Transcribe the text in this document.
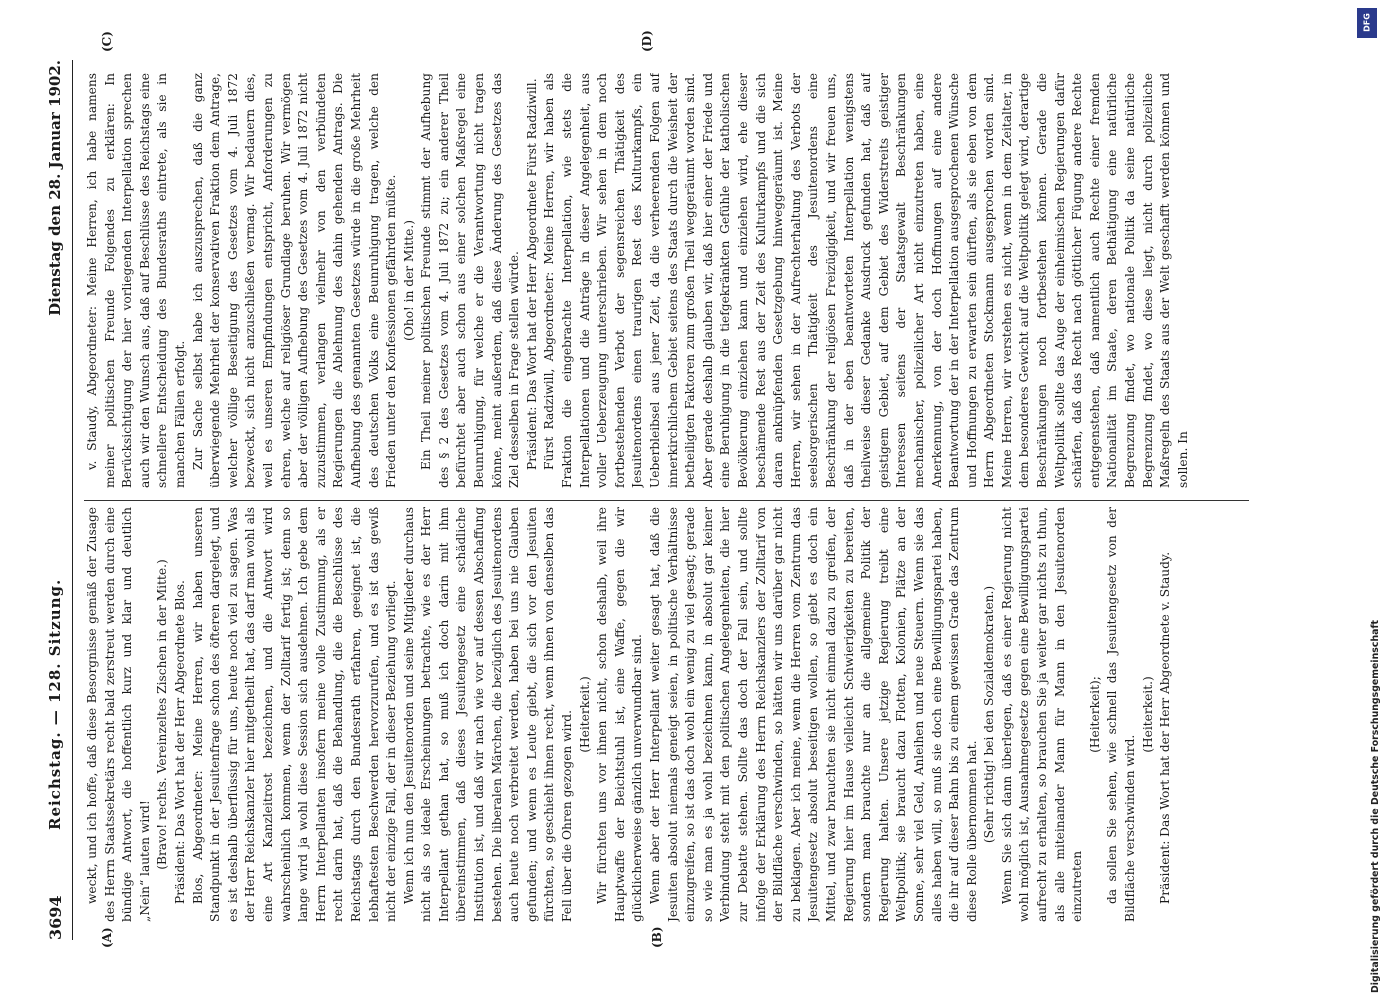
3694
Reichstag. — 128. Sitzung.
Dienstag den 28. Januar 1902.
(A)	(B)
(C)	(D)

weckt, und ich hoffe, daß diese Besorgnisse gemäß der Zusage des Herrn Staatssekretärs recht bald zerstreut werden durch eine bündige Antwort, die hoffentlich kurz und klar und deutlich „Nein“ lauten wird! (Bravo! rechts. Vereinzeltes Zischen in der Mitte.) Präsident: Das Wort hat der Herr Abgeordnete Blos. Blos, Abgeordneter: Meine Herren, wir haben unseren Standpunkt in der Jesuitenfrage schon des öfteren dargelegt, und es ist deshalb überflüssig für uns, heute noch viel zu sagen. Was der Herr Reichskanzler hier mitgetheilt hat, das darf man wohl als eine Art Kanzleitrost bezeichnen, und die Antwort wird wahrscheinlich kommen, wenn der Zolltarif fertig ist; denn so lange wird ja wohl diese Session sich ausdehnen. Ich gebe dem Herrn Interpellanten insofern meine volle Zustimmung, als er recht darin hat, daß die Behandlung, die die Beschlüsse des Reichstags durch den Bundesrath erfahren, geeignet ist, die lebhaftesten Beschwerden hervorzurufen, und es ist das gewiß nicht der einzige Fall, der in dieser Beziehung vorliegt. Wenn ich nun den Jesuitenorden und seine Mitglieder durchaus nicht als so ideale Erscheinungen betrachte, wie es der Herr Interpellant gethan hat, so muß ich doch darin mit ihm übereinstimmen, daß dieses Jesuitengesetz eine schädliche Institution ist, und daß wir nach wie vor auf dessen Abschaffung bestehen. Die liberalen Märchen, die bezüglich des Jesuitenordens auch heute noch verbreitet werden, haben bei uns nie Glauben gefunden; und wenn es Leute giebt, die sich vor den Jesuiten fürchten, so geschieht ihnen recht, wenn ihnen von denselben das Fell über die Ohren gezogen wird. (Heiterkeit.) Wir fürchten uns vor ihnen nicht, schon deshalb, weil ihre Hauptwaffe der Beichtstuhl ist, eine Waffe, gegen die wir glücklicherweise gänzlich unverwundbar sind. Wenn aber der Herr Interpellant weiter gesagt hat, daß die Jesuiten absolut niemals geneigt seien, in politische Verhältnisse einzugreifen, so ist das doch wohl ein wenig zu viel gesagt; gerade so wie man es ja wohl bezeichnen kann, in absolut gar keiner Verbindung steht mit den politischen Angelegenheiten, die hier zur Debatte stehen. Sollte das doch der Fall sein, und sollte infolge der Erklärung des Herrn Reichskanzlers der Zolltarif von der Bildfläche verschwinden, so hätten wir uns darüber gar nicht zu beklagen. Aber ich meine, wenn die Herren vom Zentrum das Jesuitengesetz absolut beseitigen wollen, so giebt es doch ein Mittel, und zwar brauchten sie nicht einmal dazu zu greifen, der Regierung hier im Hause vielleicht Schwierigkeiten zu bereiten, sondern man brauchte nur an die allgemeine Politik der Regierung halten. Unsere jetzige Regierung treibt eine Weltpolitik; sie braucht dazu Flotten, Kolonien, Plätze an der Sonne, sehr viel Geld, Anleihen und neue Steuern. Wenn sie das alles haben will, so muß sie doch eine Bewilligungspartei haben, die ihr auf dieser Bahn bis zu einem gewissen Grade das Zentrum diese Rolle übernommen hat. (Sehr richtig! bei den Sozialdemokraten.) Wenn Sie sich dann überlegen, daß es einer Regierung nicht wohl möglich ist, Ausnahmegesetze gegen eine Bewilligungspartei aufrecht zu erhalten, so brauchen Sie ja weiter gar nichts zu thun, als alle miteinander Mann für Mann in den Jesuitenorden einzutreten

(Heiterkeit); da sollen Sie sehen, wie schnell das Jesuitengesetz von der Bildfläche verschwinden wird.

(Heiterkeit.) Präsident: Das Wort hat der Herr Abgeordnete v. Staudy.

v. Staudy, Abgeordneter: Meine Herren, ich habe namens meiner politischen Freunde Folgendes zu erklären: In Berücksichtigung der hier vorliegenden Interpellation sprechen auch wir den Wunsch aus, daß auf Beschlüsse des Reichstags eine schnellere Entscheidung des Bundesraths eintrete, als sie in manchen Fällen erfolgt. Zur Sache selbst habe ich auszusprechen, daß die ganz überwiegende Mehrheit der konservativen Fraktion dem Antrage, welcher völlige Beseitigung des Gesetzes vom 4. Juli 1872 bezweckt, sich nicht anzuschließen vermag. Wir bedauern dies, weil es unseren Empfindungen entspricht, Anforderungen zu ehren, welche auf religiöser Grundlage beruhen. Wir vermögen aber der völligen Aufhebung des Gesetzes vom 4. Juli 1872 nicht zuzustimmen, verlangen vielmehr von den verbündeten Regierungen die Ablehnung des dahin gehenden Antrags. Die Aufhebung des genannten Gesetzes würde in die große Mehrheit des deutschen Volks eine Beunruhigung tragen, welche den Frieden unter den Konfessionen gefährden müßte. (Oho! in der Mitte.) Ein Theil meiner politischen Freunde stimmt der Aufhebung des § 2 des Gesetzes vom 4. Juli 1872 zu; ein anderer Theil befürchtet aber auch schon aus einer solchen Maßregel eine Beunruhigung, für welche er die Verantwortung nicht tragen könne, meint außerdem, daß diese Änderung des Gesetzes das Ziel desselben in Frage stellen würde. Präsident: Das Wort hat der Herr Abgeordnete Fürst Radziwill. Fürst Radziwill, Abgeordneter: Meine Herren, wir haben als Fraktion die eingebrachte Interpellation, wie stets die Interpellationen und die Anträge in dieser Angelegenheit, aus voller Ueberzeugung unterschrieben. Wir sehen in dem noch fortbestehenden Verbot der segensreichen Thätigkeit des Jesuitenordens einen traurigen Rest des Kulturkampfs, ein Ueberbleibsel aus jener Zeit, da die verheerenden Folgen auf innerkirchlichem Gebiet seitens des Staats durch die Weisheit der betheiligten Faktoren zum großen Theil weggeräumt worden sind. Aber gerade deshalb glauben wir, daß hier einer der Friede und eine Beruhigung in die tiefgekränkten Gefühle der katholischen Bevölkerung einziehen kann und einziehen wird, ehe dieser beschämende Rest aus der Zeit des Kulturkampfs und die sich daran anknüpfenden Gesetzgebung hinweggeräumt ist. Meine Herren, wir sehen in der Aufrechterhaltung des Verbots der seelsorgerischen Thätigkeit des Jesuitenordens eine Beschränkung der religiösen Freizügigkeit, und wir freuen uns, daß in der eben beantworteten Interpellation wenigstens theilweise dieser Gedanke Ausdruck gefunden hat, daß auf geistigem Gebiet, auf dem Gebiet des Widerstreits geistiger Interessen seitens der Staatsgewalt Beschränkungen mechanischer, polizeilicher Art nicht einzutreten haben, eine Anerkennung, von der doch Hoffnungen auf eine andere Beantwortung der in der Interpellation ausgesprochenen Wünsche und Hoffnungen zu erwarten sein dürften, als sie eben von dem Herrn Abgeordneten Stockmann ausgesprochen worden sind. Meine Herren, wir verstehen es nicht, wenn in dem Zeitalter, in dem besonderes Gewicht auf die Weltpolitik gelegt wird, derartige Beschränkungen noch fortbestehen können. Gerade die Weltpolitik sollte das Auge der einheimischen Regierungen dafür schärfen, daß das Recht nach göttlicher Fügung andere Rechte entgegenstehen, daß namentlich auch Rechte einer fremden Nationalität im Staate, deren Bethätigung eine natürliche Begrenzung findet, wo nationale Politik da seine natürliche Begrenzung findet, wo diese liegt, nicht durch polizeiliche Maßregeln des Staats aus der Welt geschafft werden können und sollen. In

DFG
Digitalisierung gefördert durch die Deutsche Forschungsgemeinschaft
